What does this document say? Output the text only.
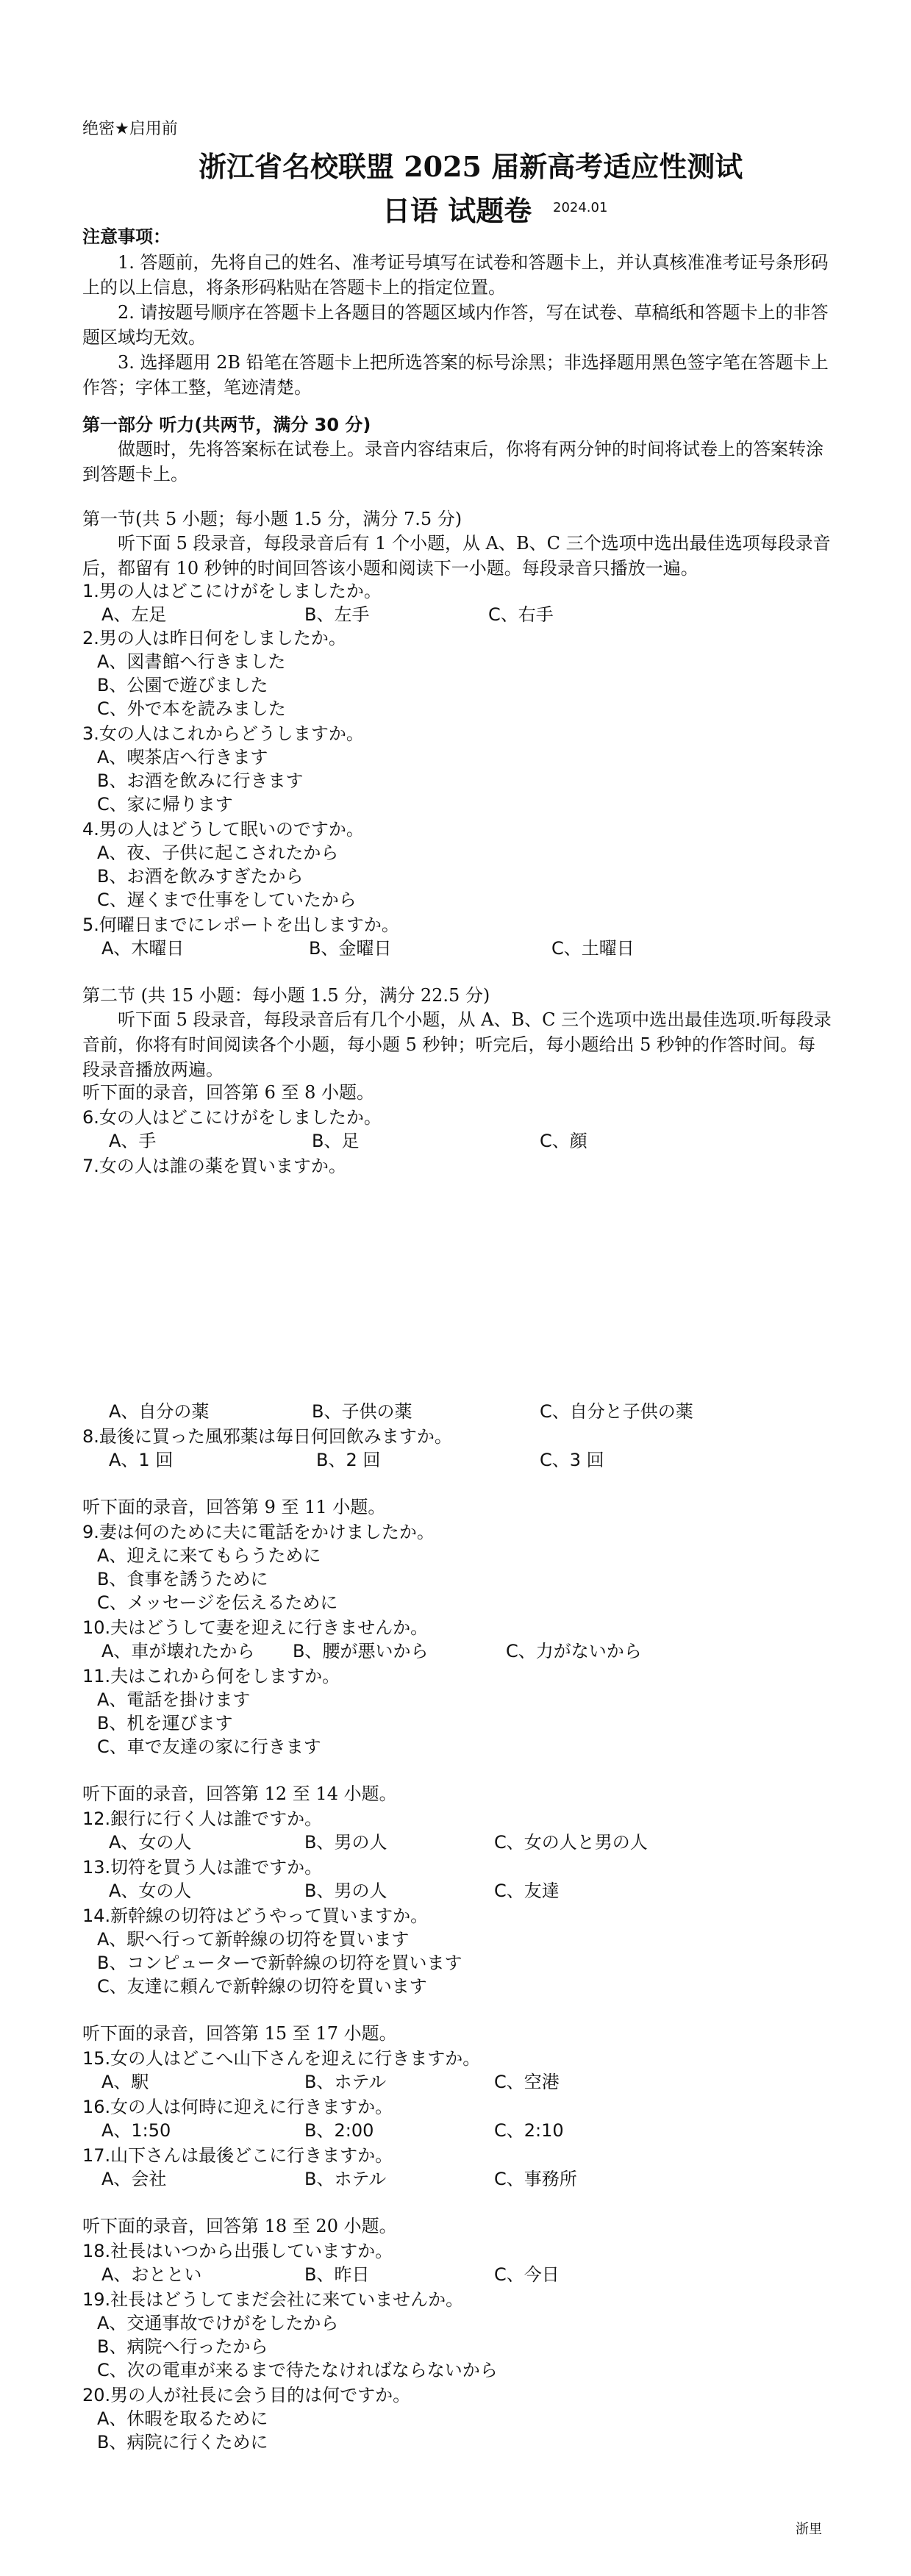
绝密★启用前
浙江省名校联盟 2025 届新高考适应性测试
日语 试题卷 2024.01
注意事项：
1. 答题前，先将自己的姓名、准考证号填写在试卷和答题卡上，并认真核准准考证号条形码上的以上信息，将条形码粘贴在答题卡上的指定位置。
2. 请按题号顺序在答题卡上各题目的答题区域内作答，写在试卷、草稿纸和答题卡上的非答题区域均无效。
3. 选择题用 2B 铅笔在答题卡上把所选答案的标号涂黑；非选择题用黑色签字笔在答题卡上作答；字体工整，笔迹清楚。
第一部分 听力(共两节，满分 30 分)
做题时，先将答案标在试卷上。录音内容结束后，你将有两分钟的时间将试卷上的答案转涂到答题卡上。
第一节(共 5 小题；每小题 1.5 分，满分 7.5 分)
听下面 5 段录音，每段录音后有 1 个小题，从 A、B、C 三个选项中选出最佳选项每段录音后，都留有 10 秒钟的时间回答该小题和阅读下一小题。每段录音只播放一遍。
1.男の人はどこにけがをしましたか。
A、左足	B、左手	C、右手
2.男の人は昨日何をしましたか。
A、図書館へ行きました
B、公園で遊びました
C、外で本を読みました
3.女の人はこれからどうしますか。
A、喫茶店へ行きます
B、お酒を飲みに行きます
C、家に帰ります
4.男の人はどうして眠いのですか。
A、夜、子供に起こされたから
B、お酒を飲みすぎたから
C、遅くまで仕事をしていたから
5.何曜日までにレポートを出しますか。
A、木曜日	B、金曜日	C、土曜日
第二节 (共 15 小题：每小题 1.5 分，满分 22.5 分)
听下面 5 段录音，每段录音后有几个小题，从 A、B、C 三个选项中选出最佳选项.听每段录音前，你将有时间阅读各个小题，每小题 5 秒钟；听完后，每小题给出 5 秒钟的作答时间。每段录音播放两遍。
听下面的录音，回答第 6 至 8 小题。
6.女の人はどこにけがをしましたか。
A、手	B、足	C、顔
7.女の人は誰の薬を買いますか。
A、自分の薬	B、子供の薬	C、自分と子供の薬
8.最後に買った風邪薬は毎日何回飲みますか。
A、1 回	B、2 回	C、3 回
听下面的录音，回答第 9 至 11 小题。
9.妻は何のために夫に電話をかけましたか。
A、迎えに来てもらうために
B、食事を誘うために
C、メッセージを伝えるために
10.夫はどうして妻を迎えに行きませんか。
A、車が壊れたから B、腰が悪いから	C、力がないから
11.夫はこれから何をしますか。
A、電話を掛けます
B、机を運びます
C、車で友達の家に行きます
听下面的录音，回答第 12 至 14 小题。
12.銀行に行く人は誰ですか。
A、女の人	B、男の人	C、女の人と男の人
13.切符を買う人は誰ですか。
A、女の人	B、男の人	C、友達
14.新幹線の切符はどうやって買いますか。
A、駅へ行って新幹線の切符を買います
B、コンピューターで新幹線の切符を買います
C、友達に頼んで新幹線の切符を買います
听下面的录音，回答第 15 至 17 小题。
15.女の人はどこへ山下さんを迎えに行きますか。
A、駅	B、ホテル	C、空港
16.女の人は何時に迎えに行きますか。
A、1:50	B、2:00	C、2:10
17.山下さんは最後どこに行きますか。
A、会社	B、ホテル	C、事務所
听下面的录音，回答第 18 至 20 小题。
18.社長はいつから出張していますか。
A、おととい	B、昨日	C、今日
19.社長はどうしてまだ会社に来ていませんか。
A、交通事故でけがをしたから
B、病院へ行ったから
C、次の電車が来るまで待たなければならないから
20.男の人が社長に会う目的は何ですか。
A、休暇を取るために
B、病院に行くために
浙里
